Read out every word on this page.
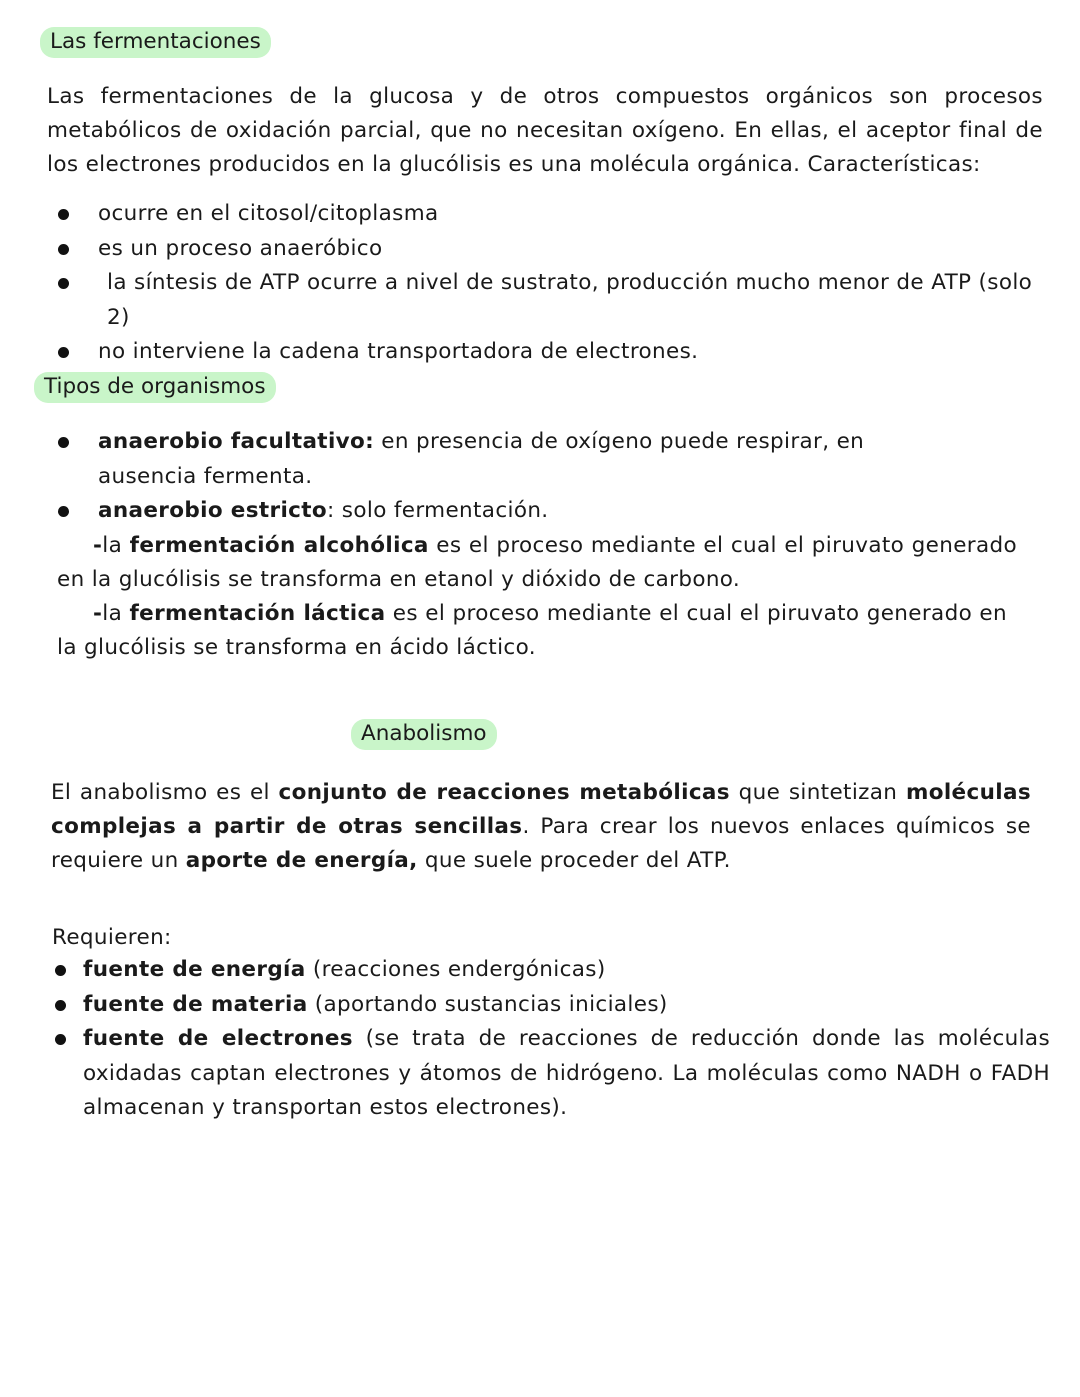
Las fermentaciones
Las fermentaciones de la glucosa y de otros compuestos orgánicos son procesos metabólicos de oxidación parcial, que no necesitan oxígeno. En ellas, el aceptor final de los electrones producidos en la glucólisis es una molécula orgánica. Características:
ocurre en el citosol/citoplasma
es un proceso anaeróbico
la síntesis de ATP ocurre a nivel de sustrato, producción mucho menor de ATP (solo 2)
no interviene la cadena transportadora de electrones.
Tipos de organismos
anaerobio facultativo: en presencia de oxígeno puede respirar, en ausencia fermenta.
anaerobio estricto: solo fermentación.
-la fermentación alcohólica es el proceso mediante el cual el piruvato generado en la glucólisis se transforma en etanol y dióxido de carbono.
-la fermentación láctica es el proceso mediante el cual el piruvato generado en la glucólisis se transforma en ácido láctico.
Anabolismo
El anabolismo es el conjunto de reacciones metabólicas que sintetizan moléculas complejas a partir de otras sencillas. Para crear los nuevos enlaces químicos se requiere un aporte de energía, que suele proceder del ATP.
Requieren:
fuente de energía (reacciones endergónicas)
fuente de materia (aportando sustancias iniciales)
fuente de electrones (se trata de reacciones de reducción donde las moléculas oxidadas captan electrones y átomos de hidrógeno. La moléculas como NADH o FADH almacenan y transportan estos electrones).
